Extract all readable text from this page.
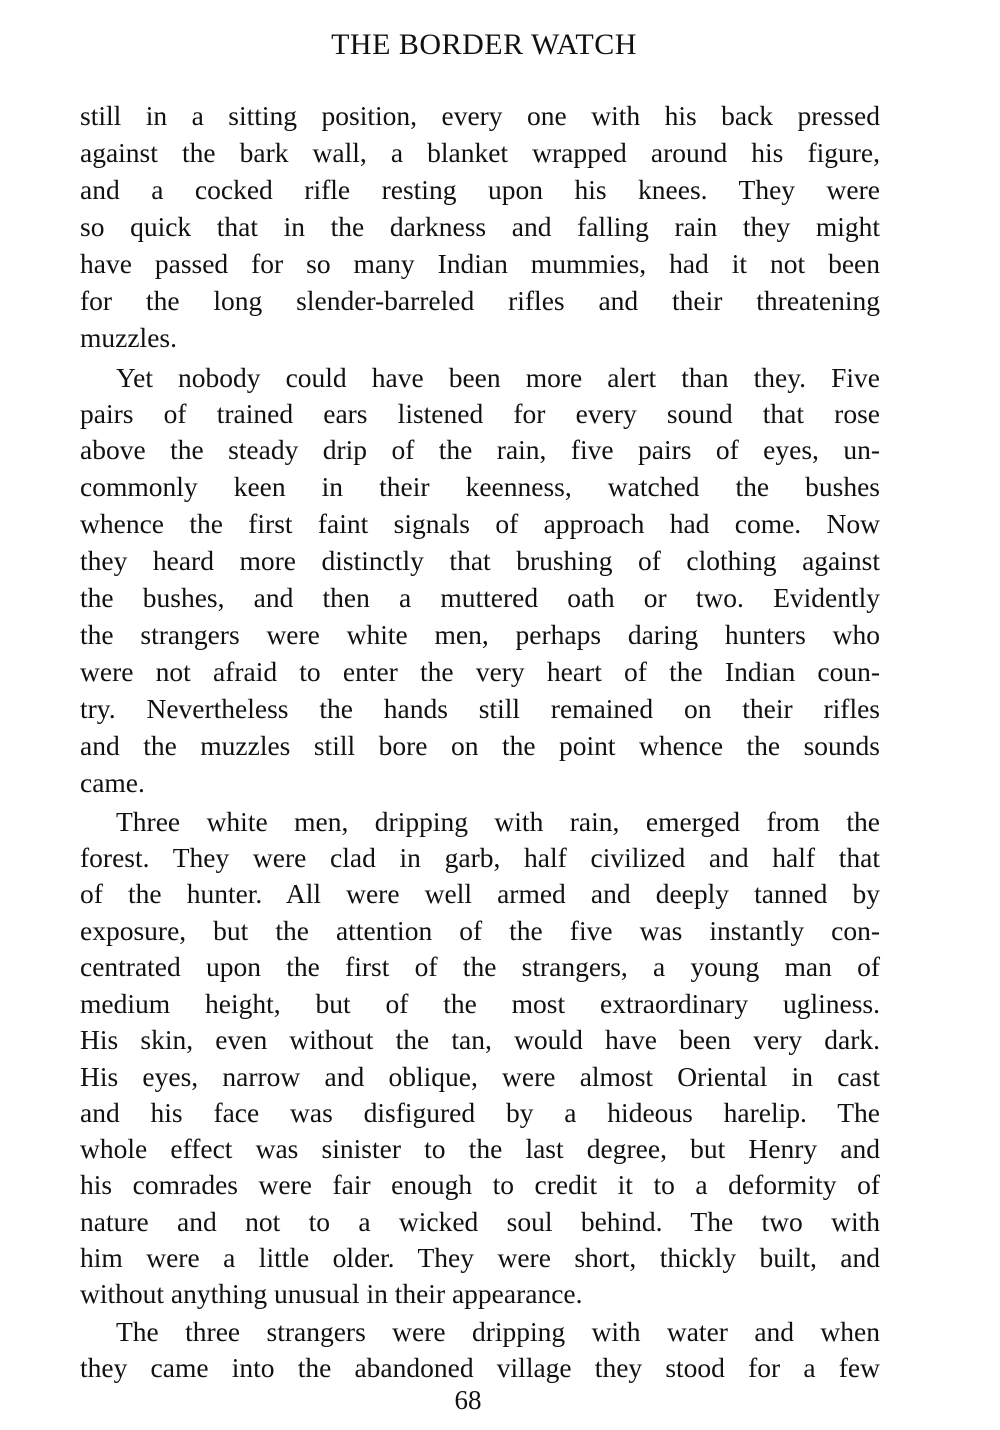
THE BORDER WATCH
still in a sitting position, every one with his back pressed
against the bark wall, a blanket wrapped around his figure,
and a cocked rifle resting upon his knees. They were
so quick that in the darkness and falling rain they might
have passed for so many Indian mummies, had it not been
for the long slender-barreled rifles and their threatening
muzzles.
Yet nobody could have been more alert than they. Five
pairs of trained ears listened for every sound that rose
above the steady drip of the rain, five pairs of eyes, un-
commonly keen in their keenness, watched the bushes
whence the first faint signals of approach had come. Now
they heard more distinctly that brushing of clothing against
the bushes, and then a muttered oath or two. Evidently
the strangers were white men, perhaps daring hunters who
were not afraid to enter the very heart of the Indian coun-
try. Nevertheless the hands still remained on their rifles
and the muzzles still bore on the point whence the sounds
came.
Three white men, dripping with rain, emerged from the
forest. They were clad in garb, half civilized and half that
of the hunter. All were well armed and deeply tanned by
exposure, but the attention of the five was instantly con-
centrated upon the first of the strangers, a young man of
medium height, but of the most extraordinary ugliness.
His skin, even without the tan, would have been very dark.
His eyes, narrow and oblique, were almost Oriental in cast
and his face was disfigured by a hideous harelip. The
whole effect was sinister to the last degree, but Henry and
his comrades were fair enough to credit it to a deformity of
nature and not to a wicked soul behind. The two with
him were a little older. They were short, thickly built, and
without anything unusual in their appearance.
The three strangers were dripping with water and when
they came into the abandoned village they stood for a few
68
